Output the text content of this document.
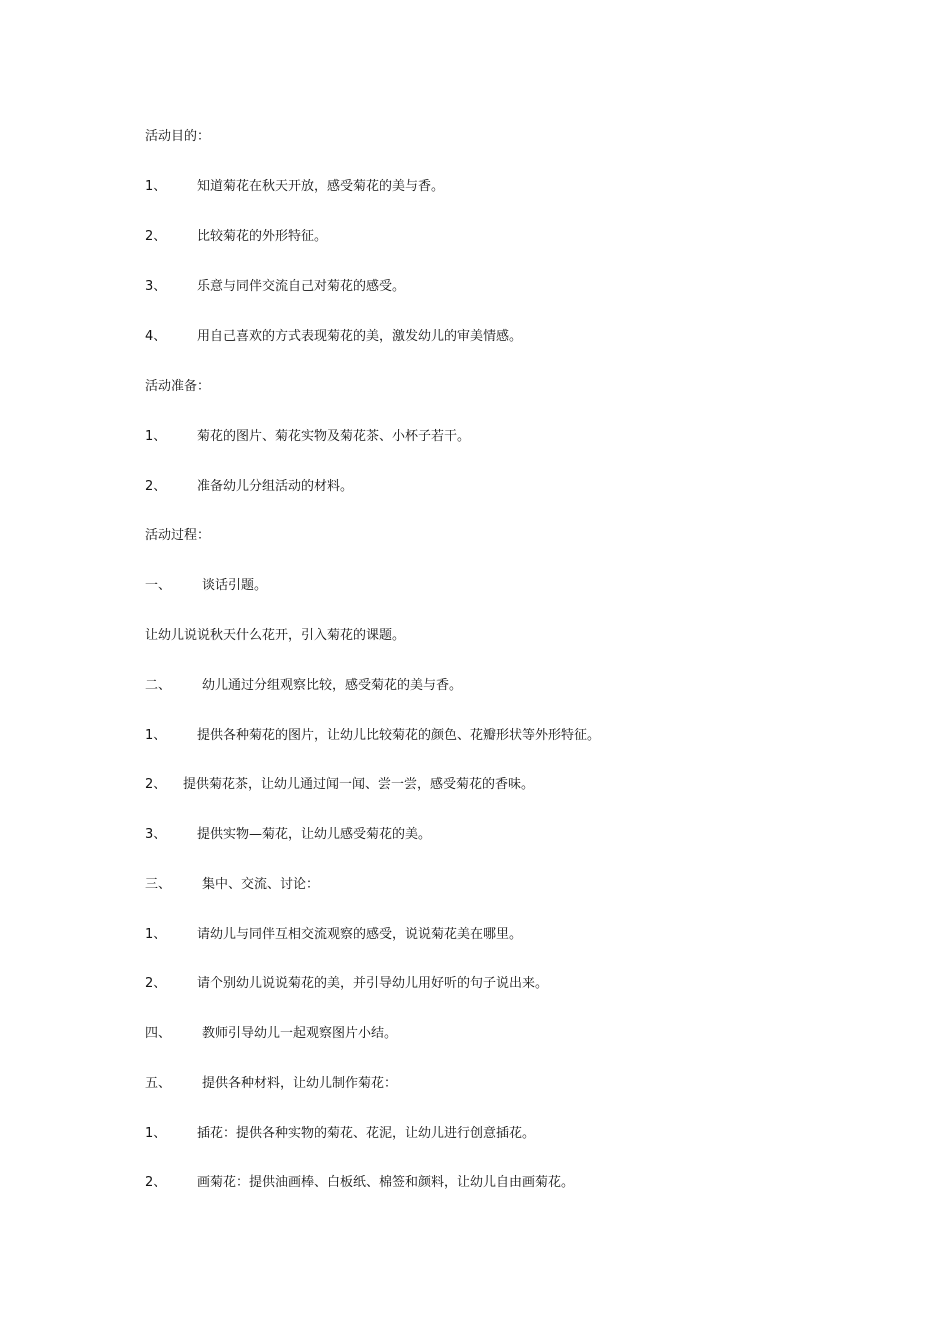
活动目的：
1、 知道菊花在秋天开放，感受菊花的美与香。
2、 比较菊花的外形特征。
3、 乐意与同伴交流自己对菊花的感受。
4、 用自己喜欢的方式表现菊花的美，激发幼儿的审美情感。
活动准备：
1、 菊花的图片、菊花实物及菊花茶、小杯子若干。
2、 准备幼儿分组活动的材料。
活动过程：
一、 谈话引题。
让幼儿说说秋天什么花开，引入菊花的课题。
二、 幼儿通过分组观察比较，感受菊花的美与香。
1、 提供各种菊花的图片，让幼儿比较菊花的颜色、花瓣形状等外形特征。
2、 提供菊花茶，让幼儿通过闻一闻、尝一尝，感受菊花的香味。
3、 提供实物—菊花，让幼儿感受菊花的美。
三、 集中、交流、讨论：
1、 请幼儿与同伴互相交流观察的感受，说说菊花美在哪里。
2、 请个别幼儿说说菊花的美，并引导幼儿用好听的句子说出来。
四、 教师引导幼儿一起观察图片小结。
五、 提供各种材料，让幼儿制作菊花：
1、 插花：提供各种实物的菊花、花泥，让幼儿进行创意插花。
2、 画菊花：提供油画棒、白板纸、棉签和颜料，让幼儿自由画菊花。
